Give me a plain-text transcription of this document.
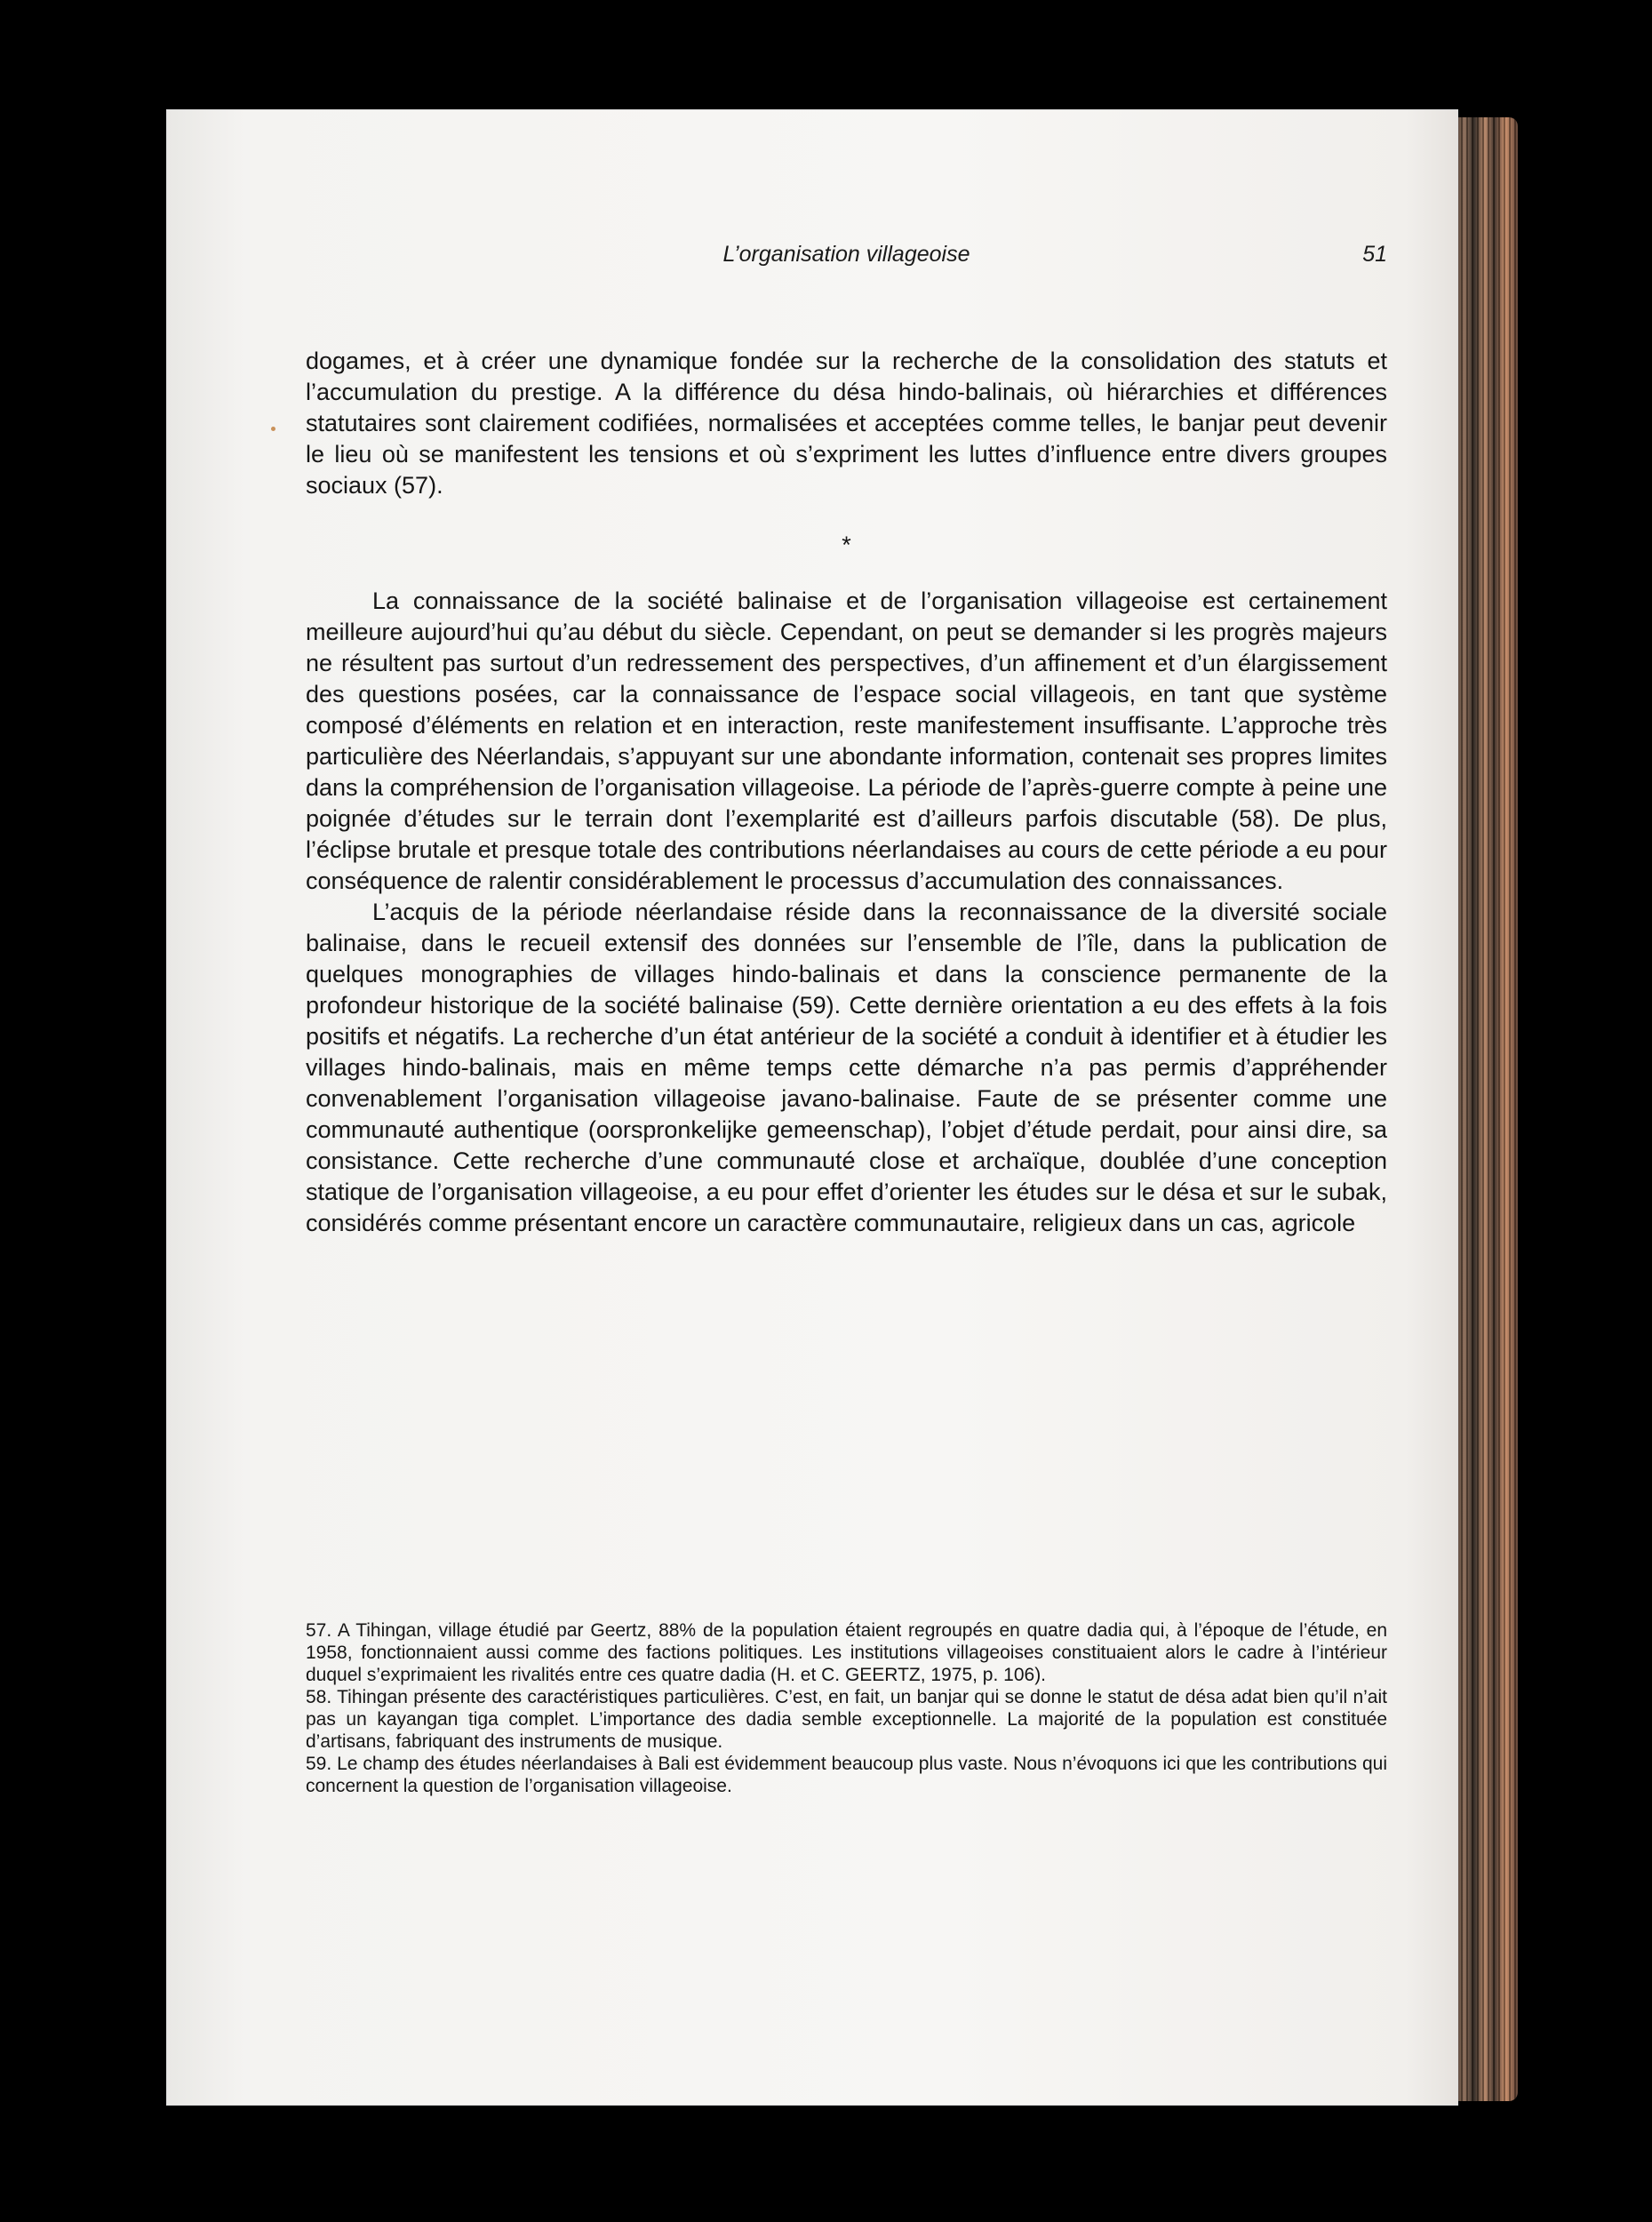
L’organisation villageoise	51

dogames, et à créer une dynamique fondée sur la recherche de la consolidation des statuts et l’accumulation du prestige. A la différence du désa hindo-balinais, où hiérarchies et différences statutaires sont clairement codifiées, normalisées et acceptées comme telles, le banjar peut devenir le lieu où se manifestent les tensions et où s’expriment les luttes d’influence entre divers groupes sociaux (57).

*

La connaissance de la société balinaise et de l’organisation villageoise est certainement meilleure aujourd’hui qu’au début du siècle. Cependant, on peut se demander si les progrès majeurs ne résultent pas surtout d’un redressement des perspectives, d’un affinement et d’un élargissement des questions posées, car la connaissance de l’espace social villageois, en tant que système composé d’éléments en relation et en interaction, reste manifestement insuffisante. L’approche très particulière des Néerlandais, s’appuyant sur une abondante information, contenait ses propres limites dans la compréhension de l’organisation villageoise. La période de l’après-guerre compte à peine une poignée d’études sur le terrain dont l’exemplarité est d’ailleurs parfois discutable (58). De plus, l’éclipse brutale et presque totale des contributions néerlandaises au cours de cette période a eu pour conséquence de ralentir considérablement le processus d’accumulation des connaissances.

L’acquis de la période néerlandaise réside dans la reconnaissance de la diversité sociale balinaise, dans le recueil extensif des données sur l’ensemble de l’île, dans la publication de quelques monographies de villages hindo-balinais et dans la conscience permanente de la profondeur historique de la société balinaise (59). Cette dernière orientation a eu des effets à la fois positifs et négatifs. La recherche d’un état antérieur de la société a conduit à identifier et à étudier les villages hindo-balinais, mais en même temps cette démarche n’a pas permis d’appréhender convenablement l’organisation villageoise javano-balinaise. Faute de se présenter comme une communauté authentique (oorspronkelijke gemeenschap), l’objet d’étude perdait, pour ainsi dire, sa consistance. Cette recherche d’une communauté close et archaïque, doublée d’une conception statique de l’organisation villageoise, a eu pour effet d’orienter les études sur le désa et sur le subak, considérés comme présentant encore un caractère communautaire, religieux dans un cas, agricole

57. A Tihingan, village étudié par Geertz, 88% de la population étaient regroupés en quatre dadia qui, à l’époque de l’étude, en 1958, fonctionnaient aussi comme des factions politiques. Les institutions villageoises constituaient alors le cadre à l’intérieur duquel s’exprimaient les rivalités entre ces quatre dadia (H. et C. GEERTZ, 1975, p. 106).

58. Tihingan présente des caractéristiques particulières. C’est, en fait, un banjar qui se donne le statut de désa adat bien qu’il n’ait pas un kayangan tiga complet. L’importance des dadia semble exceptionnelle. La majorité de la population est constituée d’artisans, fabriquant des instruments de musique.

59. Le champ des études néerlandaises à Bali est évidemment beaucoup plus vaste. Nous n’évoquons ici que les contributions qui concernent la question de l’organisation villageoise.
